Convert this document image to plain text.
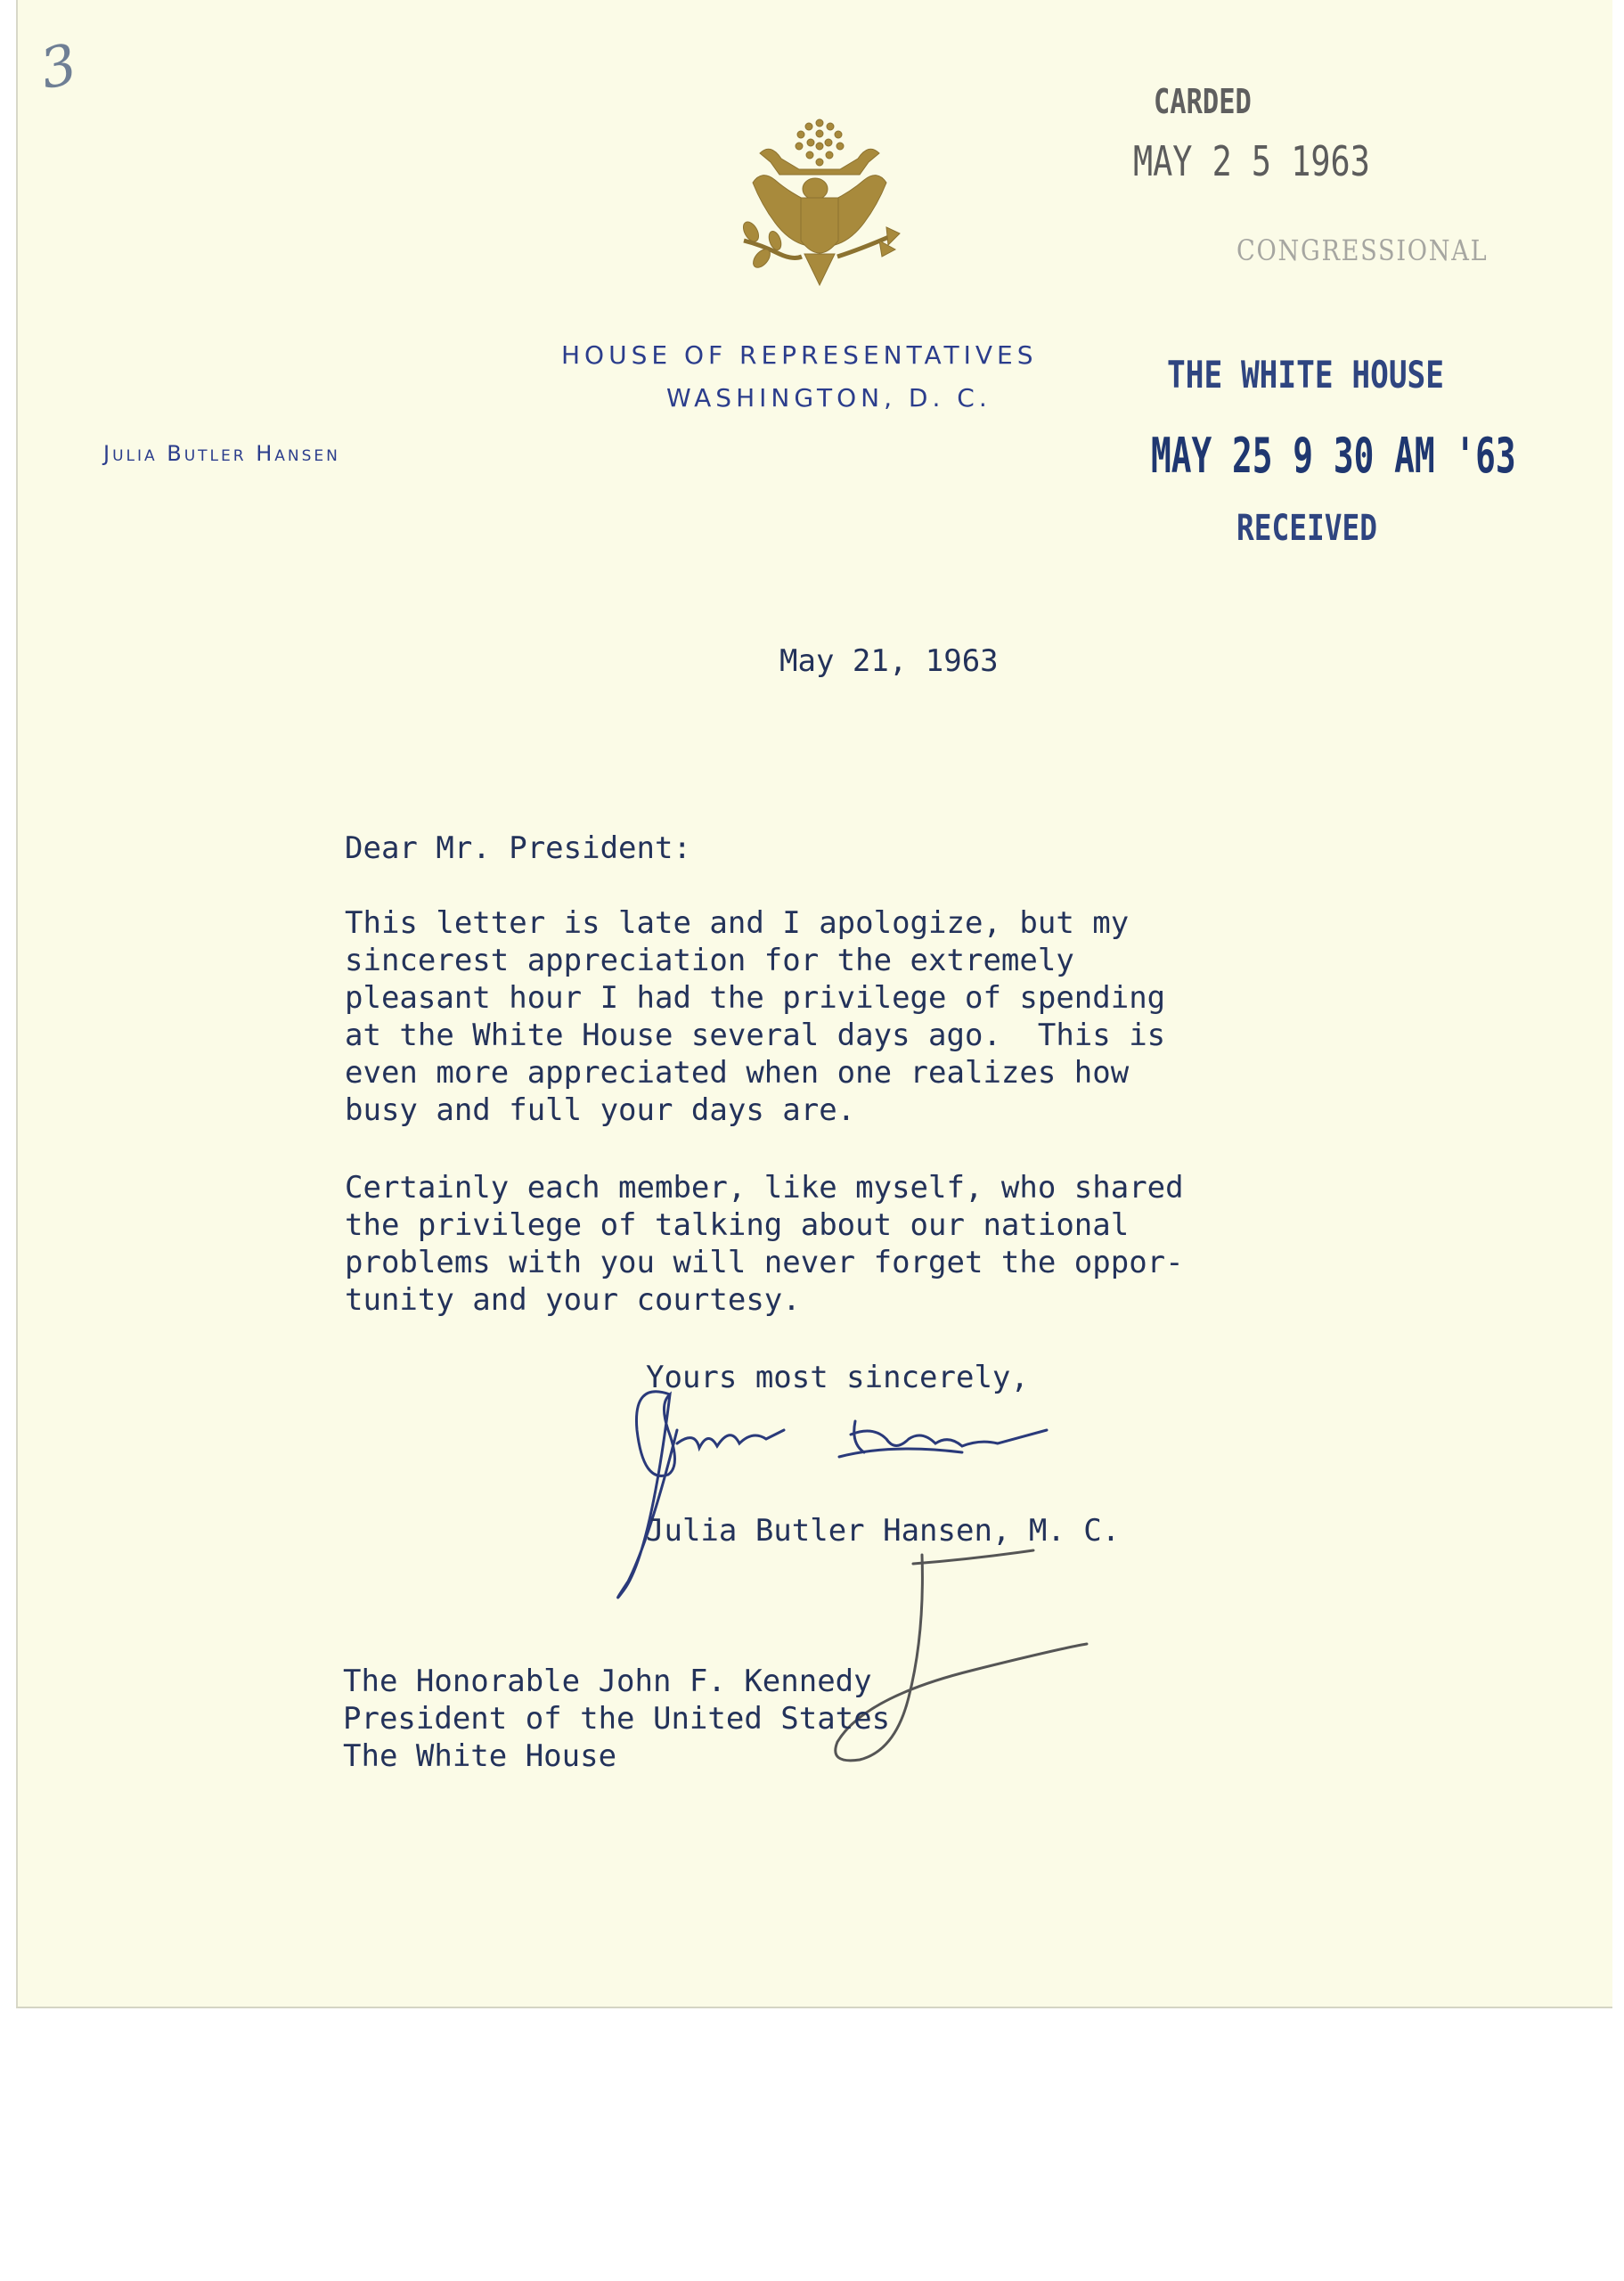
3
HOUSE OF REPRESENTATIVES
WASHINGTON, D. C.
Julia Butler Hansen
CARDED
MAY 2 5 1963
CONGRESSIONAL
THE WHITE HOUSE
MAY 25 9 30 AM '63
RECEIVED
May 21, 1963
Dear Mr. President:
This letter is late and I apologize, but my
sincerest appreciation for the extremely
pleasant hour I had the privilege of spending
at the White House several days ago.  This is
even more appreciated when one realizes how
busy and full your days are.
Certainly each member, like myself, who shared
the privilege of talking about our national
problems with you will never forget the oppor-
tunity and your courtesy.
Yours most sincerely,
Julia Butler Hansen, M. C.
The Honorable John F. Kennedy
President of the United States
The White House
